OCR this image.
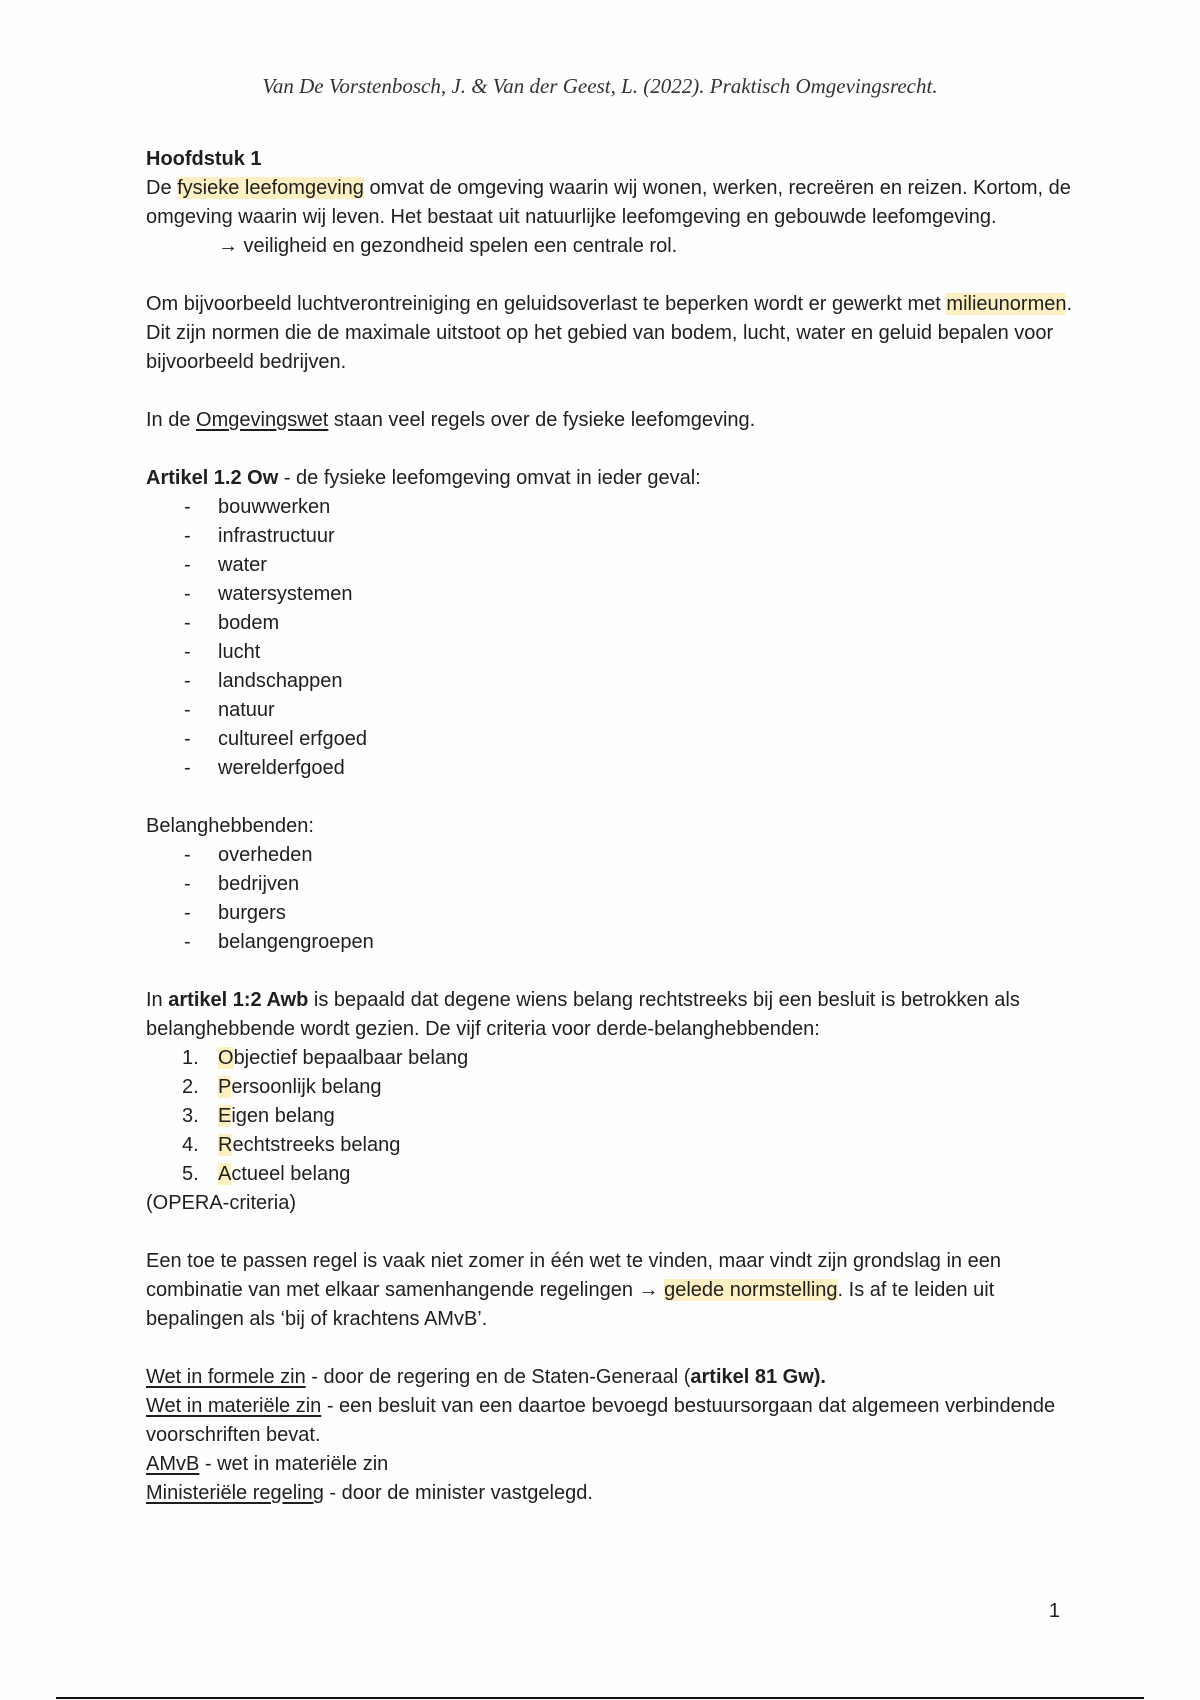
Van De Vorstenbosch, J. & Van der Geest, L. (2022). Praktisch Omgevingsrecht.

Hoofdstuk 1

De fysieke leefomgeving omvat de omgeving waarin wij wonen, werken, recreëren en reizen. Kortom, de omgeving waarin wij leven. Het bestaat uit natuurlijke leefomgeving en gebouwde leefomgeving.

→ veiligheid en gezondheid spelen een centrale rol.

Om bijvoorbeeld luchtverontreiniging en geluidsoverlast te beperken wordt er gewerkt met milieunormen. Dit zijn normen die de maximale uitstoot op het gebied van bodem, lucht, water en geluid bepalen voor bijvoorbeeld bedrijven.

In de Omgevingswet staan veel regels over de fysieke leefomgeving.

Artikel 1.2 Ow - de fysieke leefomgeving omvat in ieder geval:

- bouwwerken
- infrastructuur
- water
- watersystemen
- bodem
- lucht
- landschappen
- natuur
- cultureel erfgoed
- werelderfgoed

Belanghebbenden:

- overheden
- bedrijven
- burgers
- belangengroepen

In artikel 1:2 Awb is bepaald dat degene wiens belang rechtstreeks bij een besluit is betrokken als belanghebbende wordt gezien. De vijf criteria voor derde-belanghebbenden:

1. Objectief bepaalbaar belang
2. Persoonlijk belang
3. Eigen belang
4. Rechtstreeks belang
5. Actueel belang

(OPERA-criteria)

Een toe te passen regel is vaak niet zomer in één wet te vinden, maar vindt zijn grondslag in een combinatie van met elkaar samenhangende regelingen → gelede normstelling. Is af te leiden uit bepalingen als ‘bij of krachtens AMvB’.

Wet in formele zin - door de regering en de Staten-Generaal (artikel 81 Gw).

Wet in materiële zin - een besluit van een daartoe bevoegd bestuursorgaan dat algemeen verbindende voorschriften bevat.

AMvB - wet in materiële zin

Ministeriële regeling - door de minister vastgelegd.

1
